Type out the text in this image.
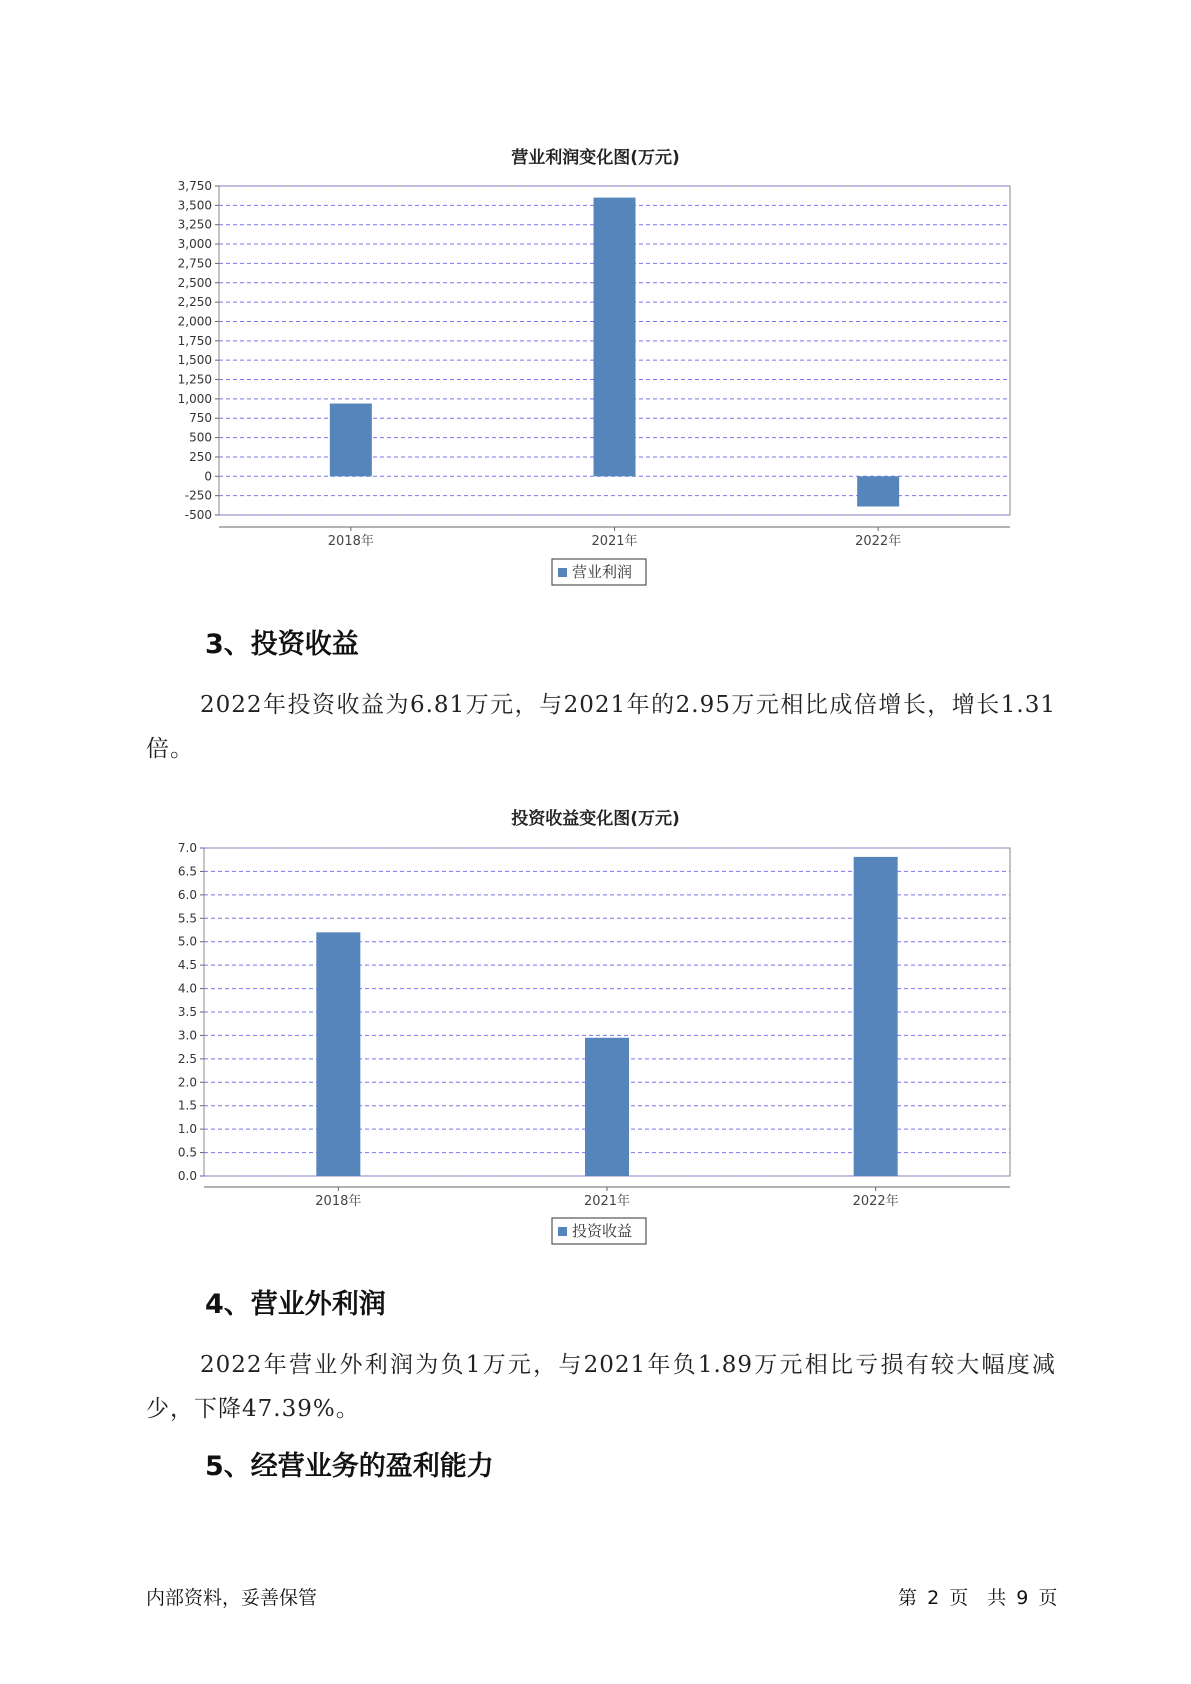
营业利润变化图(万元)
-500
-250
0
250
500
750
1,000
1,250
1,500
1,750
2,000
2,250
2,500
2,750
3,000
3,250
3,500
3,750
2018年	2021年	2022年
营业利润
3、投资收益

2022年投资收益为6.81万元，与2021年的2.95万元相比成倍增长，增长1.31倍。

投资收益变化图(万元)
0.0
0.5
1.0
1.5
2.0
2.5
3.0
3.5
4.0
4.5
5.0
5.5
6.0
6.5
7.0
2018年	2021年	2022年
投资收益
4、营业外利润

2022年营业外利润为负1万元，与2021年负1.89万元相比亏损有较大幅度减少，下降47.39%。

5、经营业务的盈利能力
内部资料，妥善保管	第 2 页　共 9 页
